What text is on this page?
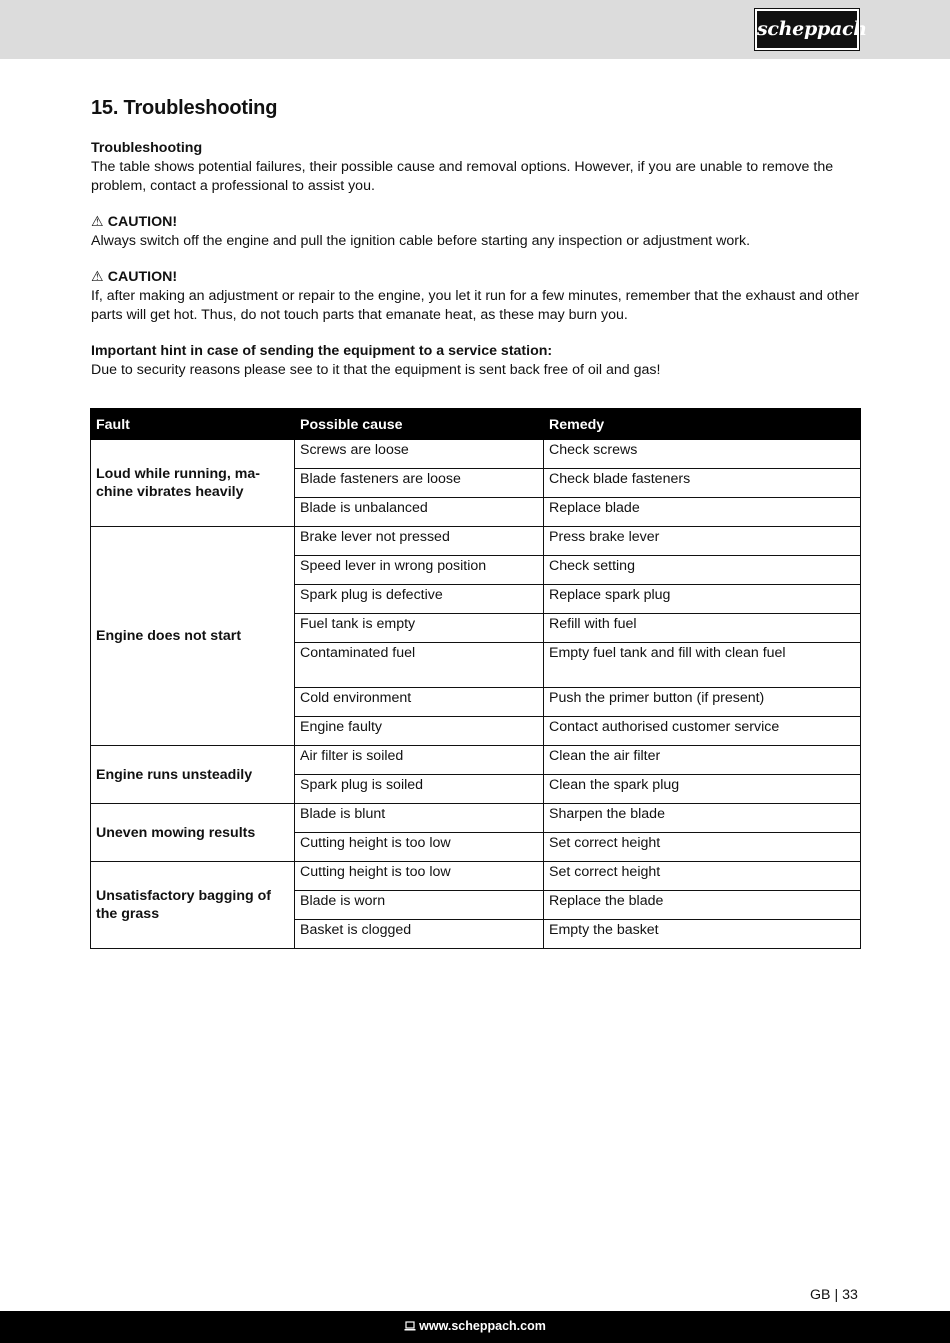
scheppach
15. Troubleshooting
Troubleshooting
The table shows potential failures, their possible cause and removal options. However, if you are unable to remove the problem, contact a professional to assist you.
⚠ CAUTION!
Always switch off the engine and pull the ignition cable before starting any inspection or adjustment work.
⚠ CAUTION!
If, after making an adjustment or repair to the engine, you let it run for a few minutes, remember that the exhaust and other parts will get hot. Thus, do not touch parts that emanate heat, as these may burn you.
Important hint in case of sending the equipment to a service station:
Due to security reasons please see to it that the equipment is sent back free of oil and gas!
Fault	Possible cause	Remedy
Loud while running, ma-chine vibrates heavily	Screws are loose	Check screws
	Blade fasteners are loose	Check blade fasteners
	Blade is unbalanced	Replace blade
Engine does not start	Brake lever not pressed	Press brake lever
	Speed lever in wrong position	Check setting
	Spark plug is defective	Replace spark plug
	Fuel tank is empty	Refill with fuel
	Contaminated fuel	Empty fuel tank and fill with clean fuel
	Cold environment	Push the primer button (if present)
	Engine faulty	Contact authorised customer service
Engine runs unsteadily	Air filter is soiled	Clean the air filter
	Spark plug is soiled	Clean the spark plug
Uneven mowing results	Blade is blunt	Sharpen the blade
	Cutting height is too low	Set correct height
Unsatisfactory bagging of the grass	Cutting height is too low	Set correct height
	Blade is worn	Replace the blade
	Basket is clogged	Empty the basket
GB | 33
www.scheppach.com
